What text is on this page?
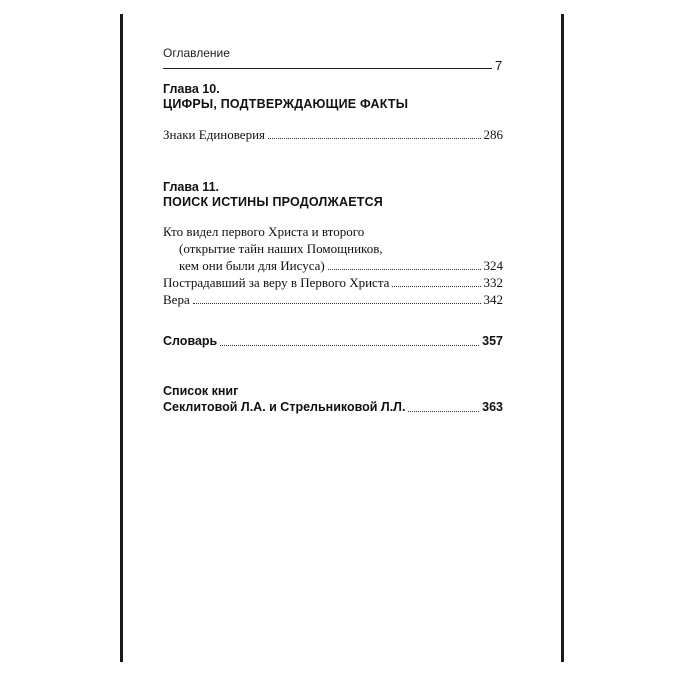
Оглавление
7
Глава 10.
ЦИФРЫ, ПОДТВЕРЖДАЮЩИЕ ФАКТЫ
Знаки Единоверия	286
Глава 11.
ПОИСК ИСТИНЫ ПРОДОЛЖАЕТСЯ
Кто видел первого Христа и второго
(открытие тайн наших Помощников,
кем они были для Иисуса)	324
Пострадавший за веру в Первого Христа	332
Вера	342
Словарь	357
Список книг
Секлитовой Л.А. и Стрельниковой Л.Л.	363
